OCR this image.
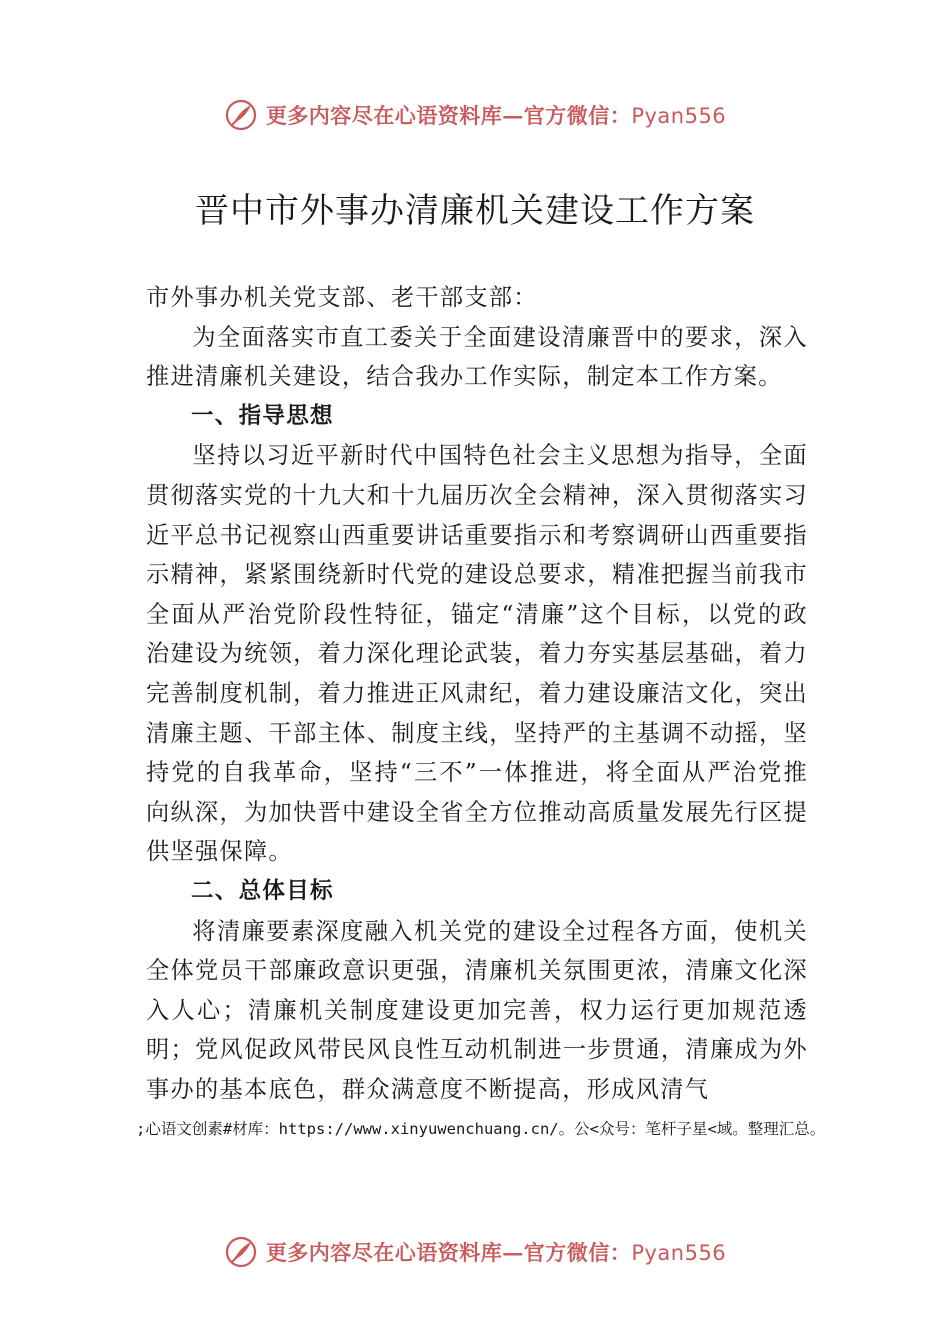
更多内容尽在心语资料库—官方微信：Pyan556
晋中市外事办清廉机关建设工作方案

市外事办机关党支部、老干部支部：

为全面落实市直工委关于全面建设清廉晋中的要求，深入推进清廉机关建设，结合我办工作实际，制定本工作方案。

一、指导思想

坚持以习近平新时代中国特色社会主义思想为指导，全面贯彻落实党的十九大和十九届历次全会精神，深入贯彻落实习近平总书记视察山西重要讲话重要指示和考察调研山西重要指示精神，紧紧围绕新时代党的建设总要求，精准把握当前我市全面从严治党阶段性特征，锚定“清廉”这个目标，以党的政治建设为统领，着力深化理论武装，着力夯实基层基础，着力完善制度机制，着力推进正风肃纪，着力建设廉洁文化，突出清廉主题、干部主体、制度主线，坚持严的主基调不动摇，坚持党的自我革命，坚持“三不”一体推进，将全面从严治党推向纵深，为加快晋中建设全省全方位推动高质量发展先行区提供坚强保障。

二、总体目标

将清廉要素深度融入机关党的建设全过程各方面，使机关全体党员干部廉政意识更强，清廉机关氛围更浓，清廉文化深入人心；清廉机关制度建设更加完善，权力运行更加规范透明；党风促政风带民风良性互动机制进一步贯通，清廉成为外事办的基本底色，群众满意度不断提高，形成风清气

;心语文创素#材库：https://www.xinyuwenchuang.cn/。公<众号：笔杆子星<域。整理汇总。
更多内容尽在心语资料库—官方微信：Pyan556
